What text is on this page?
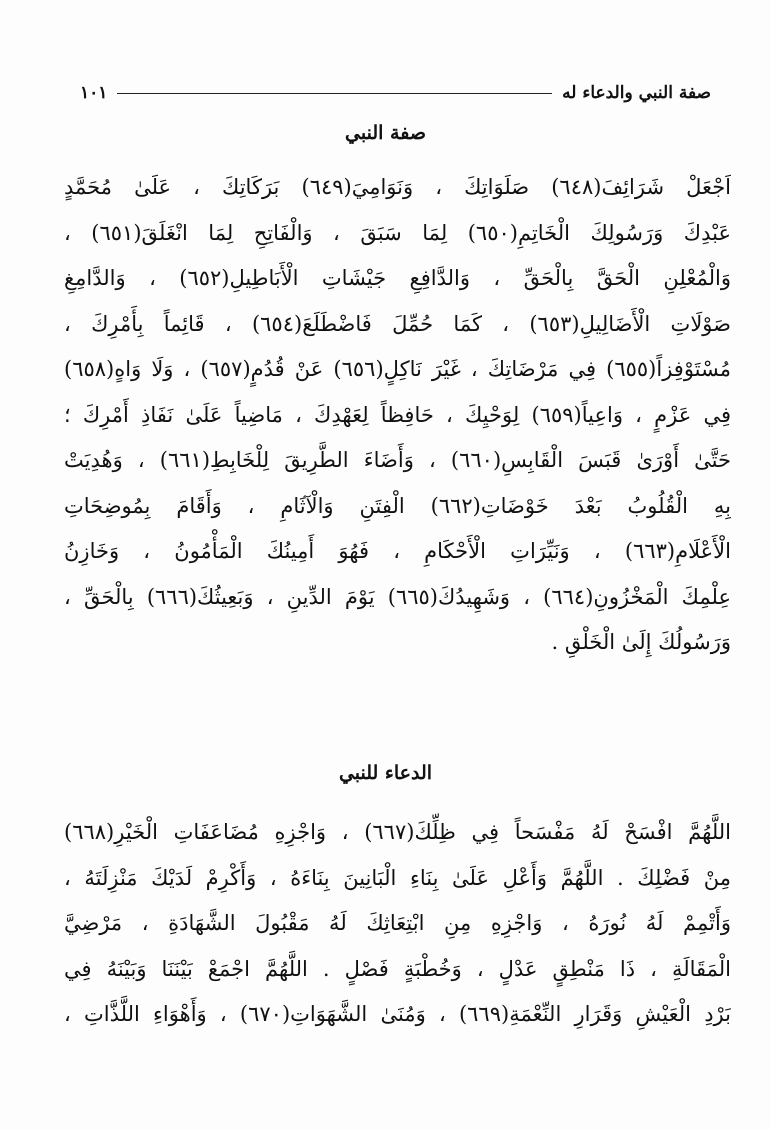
صفة النبي والدعاء له
١٠١
صفة النبي
اَجْعَلْ شَرَائِفَ(٦٤٨) صَلَوَاتِكَ ، وَنَوَامِيَ(٦٤٩) بَرَكَاتِكَ ، عَلَىٰ مُحَمَّدٍ
عَبْدِكَ وَرَسُولِكَ الْخَاتِمِ(٦٥٠) لِمَا سَبَقَ ، وَالْفَاتِحِ لِمَا انْغَلَقَ(٦٥١) ،
وَالْمُعْلِنِ الْحَقَّ بِالْحَقِّ ، وَالدَّافِعِ جَيْشَاتِ الْأَبَاطِيلِ(٦٥٢) ، وَالدَّامِغِ
صَوْلَاتِ الْأَضَالِيلِ(٦٥٣) ، كَمَا حُمِّلَ فَاضْطَلَعَ(٦٥٤) ، قَائِماً بِأَمْرِكَ ،
مُسْتَوْفِزاً(٦٥٥) فِي مَرْضَاتِكَ ، غَيْرَ نَاكِلٍ(٦٥٦) عَنْ قُدُمٍ(٦٥٧) ، وَلَا وَاهٍ(٦٥٨)
فِي عَزْمٍ ، وَاعِياً(٦٥٩) لِوَحْيِكَ ، حَافِظاً لِعَهْدِكَ ، مَاضِياً عَلَىٰ نَفَاذِ أَمْرِكَ ؛
حَتَّىٰ أَوْرَىٰ قَبَسَ الْقَابِسِ(٦٦٠) ، وَأَضَاءَ الطَّرِيقَ لِلْخَابِطِ(٦٦١) ، وَهُدِيَتْ
بِهِ الْقُلُوبُ بَعْدَ خَوْضَاتِ(٦٦٢) الْفِتَنِ وَالْآثَامِ ، وَأَقَامَ بِمُوضِحَاتِ
الْأَعْلَامِ(٦٦٣) ، وَنَيِّرَاتِ الْأَحْكَامِ ، فَهُوَ أَمِينُكَ الْمَأْمُونُ ، وَخَازِنُ
عِلْمِكَ الْمَخْزُونِ(٦٦٤) ، وَشَهِيدُكَ(٦٦٥) يَوْمَ الدِّينِ ، وَبَعِيثُكَ(٦٦٦) بِالْحَقِّ ،
وَرَسُولُكَ إِلَىٰ الْخَلْقِ .
الدعاء للنبي
اللَّهُمَّ افْسَحْ لَهُ مَفْسَحاً فِي ظِلِّكَ(٦٦٧) ، وَاجْزِهِ مُضَاعَفَاتِ الْخَيْرِ(٦٦٨)
مِنْ فَضْلِكَ . اللَّهُمَّ وَأَعْلِ عَلَىٰ بِنَاءِ الْبَانِينَ بِنَاءَهُ ، وَأَكْرِمْ لَدَيْكَ مَنْزِلَتَهُ ،
وَأَتْمِمْ لَهُ نُورَهُ ، وَاجْزِهِ مِنِ ابْتِعَاثِكَ لَهُ مَقْبُولَ الشَّهَادَةِ ، مَرْضِيَّ
الْمَقَالَةِ ، ذَا مَنْطِقٍ عَدْلٍ ، وَخُطْبَةٍ فَصْلٍ . اللَّهُمَّ اجْمَعْ بَيْنَنَا وَبَيْنَهُ فِي
بَرْدِ الْعَيْشِ وَقَرَارِ النِّعْمَةِ(٦٦٩) ، وَمُنَىٰ الشَّهَوَاتِ(٦٧٠) ، وَأَهْوَاءِ اللَّذَّاتِ ،
